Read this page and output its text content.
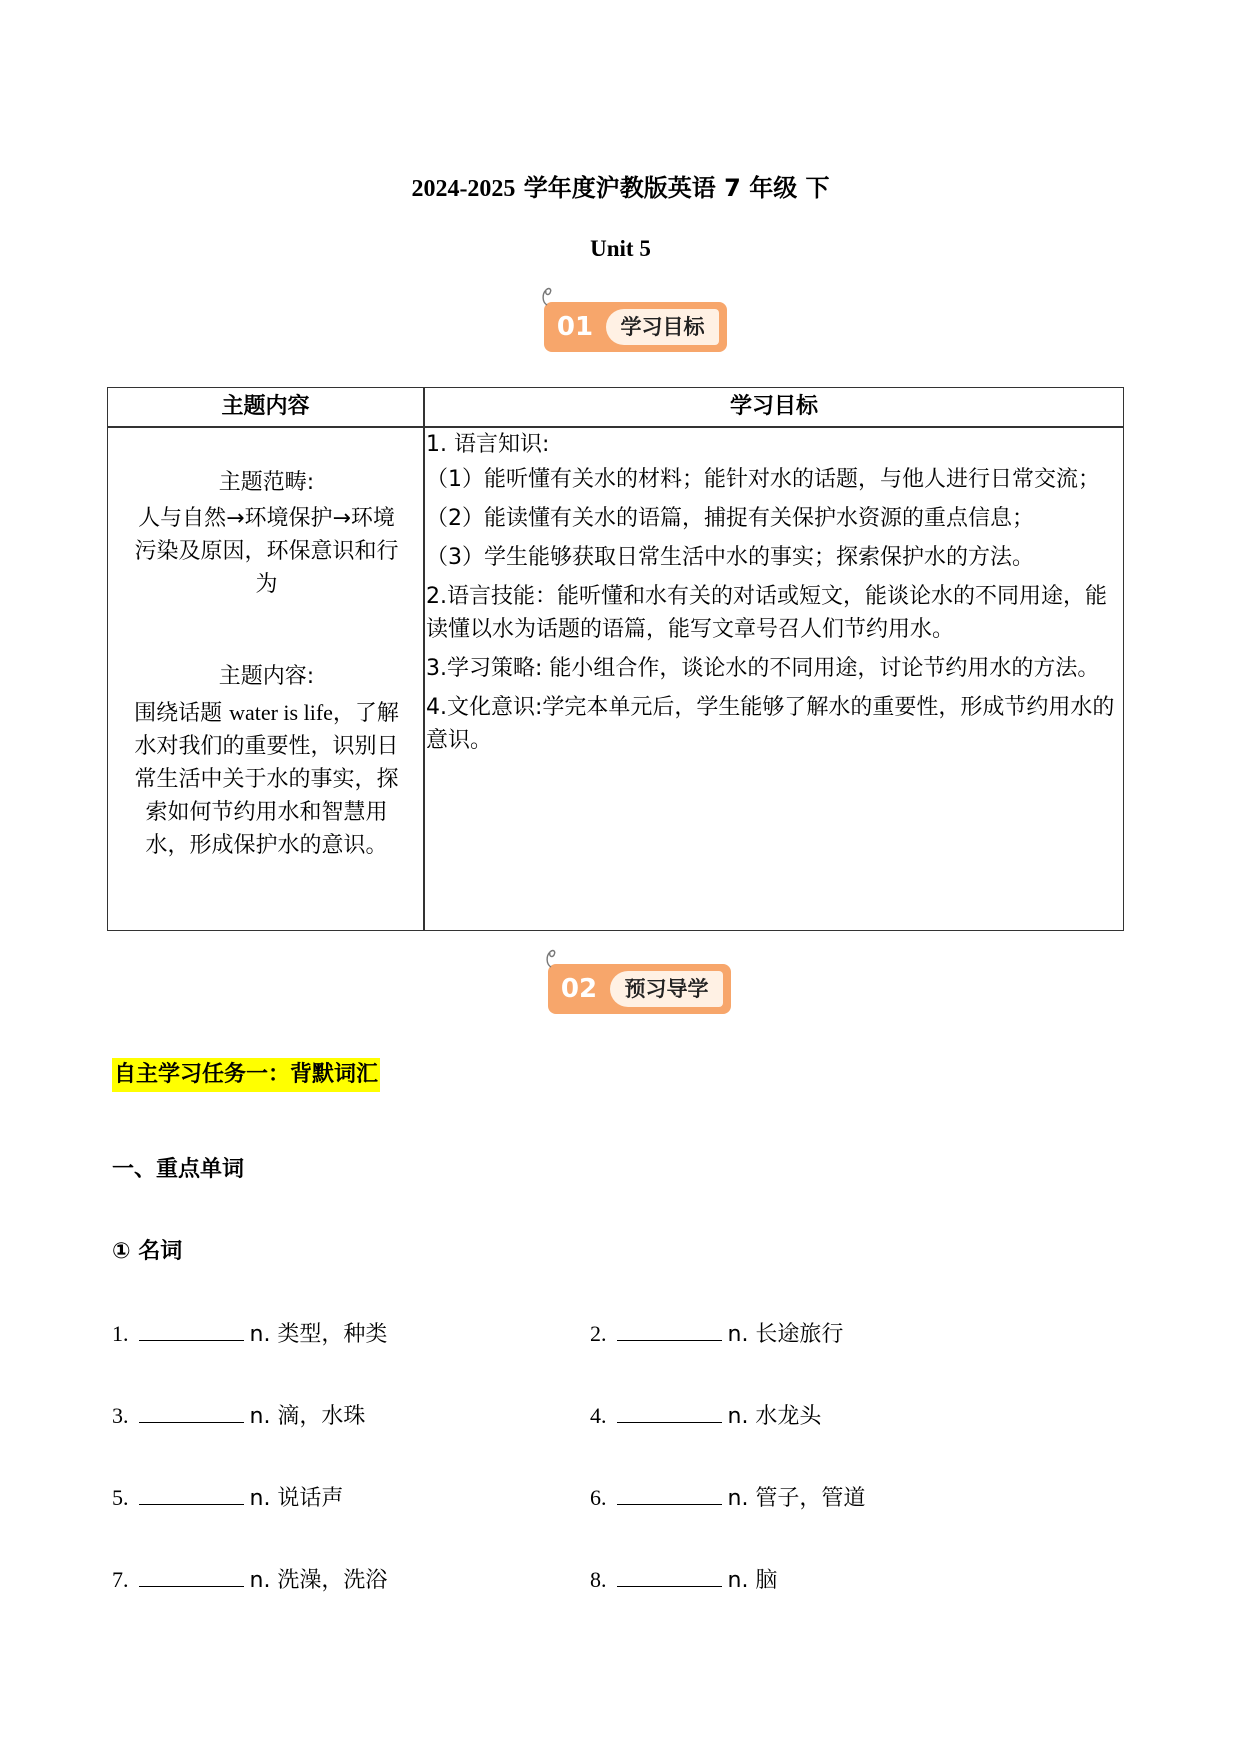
2024-2025 学年度沪教版英语 7 年级 下
Unit 5
01	学习目标
主题内容	学习目标
主题范畴:
人与自然→环境保护→环境污染及原因，环保意识和行为
主题内容:
围绕话题 water is life，了解水对我们的重要性，识别日常生活中关于水的事实，探索如何节约用水和智慧用水，形成保护水的意识。

1. 语言知识:

（1）能听懂有关水的材料；能针对水的话题，与他人进行日常交流；

（2）能读懂有关水的语篇，捕捉有关保护水资源的重点信息；

（3）学生能够获取日常生活中水的事实；探索保护水的方法。

2.语言技能：能听懂和水有关的对话或短文，能谈论水的不同用途，能读懂以水为话题的语篇，能写文章号召人们节约用水。

3.学习策略: 能小组合作，谈论水的不同用途，讨论节约用水的方法。

4.文化意识:学完本单元后，学生能够了解水的重要性，形成节约用水的意识。

02	预习导学
自主学习任务一：背默词汇
一、重点单词
① 名词
1.	n. 类型，种类	2.	n. 长途旅行
3.	n. 滴，水珠	4.	n. 水龙头
5.	n. 说话声	6.	n. 管子，管道
7.	n. 洗澡，洗浴	8.	n. 脑
